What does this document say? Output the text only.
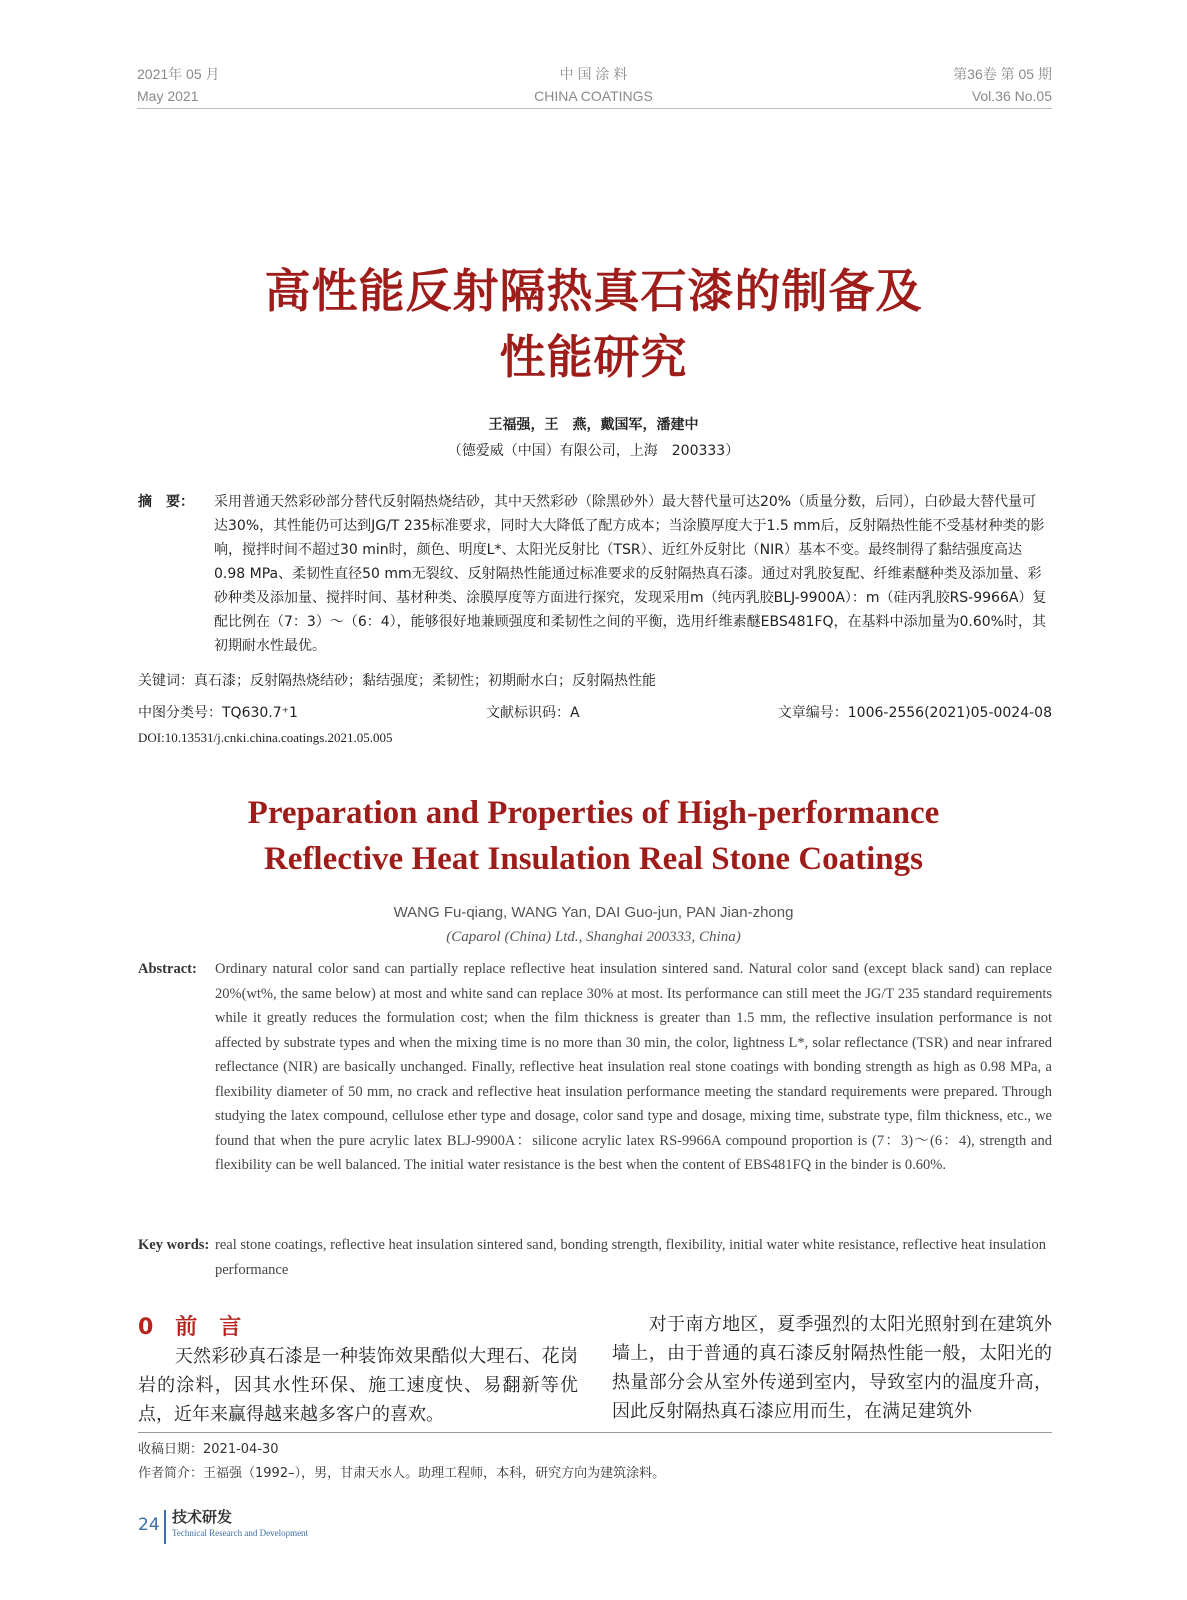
2021年 05 月
May 2021
中 国 涂 料
CHINA COATINGS
第36卷 第 05 期
Vol.36 No.05
高性能反射隔热真石漆的制备及
性能研究
王福强，王　燕，戴国军，潘建中
（德爱威（中国）有限公司，上海　200333）
摘　要：	采用普通天然彩砂部分替代反射隔热烧结砂，其中天然彩砂（除黑砂外）最大替代量可达20%（质量分数，后同），白砂最大替代量可达30%，其性能仍可达到JG/T 235标准要求，同时大大降低了配方成本；当涂膜厚度大于1.5 mm后，反射隔热性能不受基材种类的影响，搅拌时间不超过30 min时，颜色、明度L*、太阳光反射比（TSR）、近红外反射比（NIR）基本不变。最终制得了黏结强度高达0.98 MPa、柔韧性直径50 mm无裂纹、反射隔热性能通过标准要求的反射隔热真石漆。通过对乳胶复配、纤维素醚种类及添加量、彩砂种类及添加量、搅拌时间、基材种类、涂膜厚度等方面进行探究，发现采用m（纯丙乳胶BLJ-9900A）：m（硅丙乳胶RS-9966A）复配比例在（7：3）～（6：4），能够很好地兼顾强度和柔韧性之间的平衡，选用纤维素醚EBS481FQ，在基料中添加量为0.60%时，其初期耐水性最优。
关键词：真石漆；反射隔热烧结砂；黏结强度；柔韧性；初期耐水白；反射隔热性能
中图分类号：TQ630.7⁺1	文献标识码：A	文章编号：1006-2556(2021)05-0024-08
DOI:10.13531/j.cnki.china.coatings.2021.05.005
Preparation and Properties of High-performance
Reflective Heat Insulation Real Stone Coatings
WANG Fu-qiang, WANG Yan, DAI Guo-jun, PAN Jian-zhong
(Caparol (China) Ltd., Shanghai 200333, China)
Abstract:	Ordinary natural color sand can partially replace reflective heat insulation sintered sand. Natural color sand (except black sand) can replace 20%(wt%, the same below) at most and white sand can replace 30% at most. Its performance can still meet the JG/T 235 standard requirements while it greatly reduces the formulation cost; when the film thickness is greater than 1.5 mm, the reflective insulation performance is not affected by substrate types and when the mixing time is no more than 30 min, the color, lightness L*, solar reflectance (TSR) and near infrared reflectance (NIR) are basically unchanged. Finally, reflective heat insulation real stone coatings with bonding strength as high as 0.98 MPa, a flexibility diameter of 50 mm, no crack and reflective heat insulation performance meeting the standard requirements were prepared. Through studying the latex compound, cellulose ether type and dosage, color sand type and dosage, mixing time, substrate type, film thickness, etc., we found that when the pure acrylic latex BLJ-9900A：silicone acrylic latex RS-9966A compound proportion is (7：3)～(6：4), strength and flexibility can be well balanced. The initial water resistance is the best when the content of EBS481FQ in the binder is 0.60%.
Key words: real stone coatings, reflective heat insulation sintered sand, bonding strength, flexibility, initial water white resistance, reflective heat insulation performance
0　前　言
　　天然彩砂真石漆是一种装饰效果酷似大理石、花岗岩的涂料，因其水性环保、施工速度快、易翻新等优点，近年来赢得越来越多客户的喜欢。
　　对于南方地区，夏季强烈的太阳光照射到在建筑外墙上，由于普通的真石漆反射隔热性能一般，太阳光的热量部分会从室外传递到室内，导致室内的温度升高，因此反射隔热真石漆应用而生，在满足建筑外
收稿日期：2021-04-30
作者简介：王福强（1992–），男，甘肃天水人。助理工程师，本科，研究方向为建筑涂料。
24 技术研发
Technical Research and Development
